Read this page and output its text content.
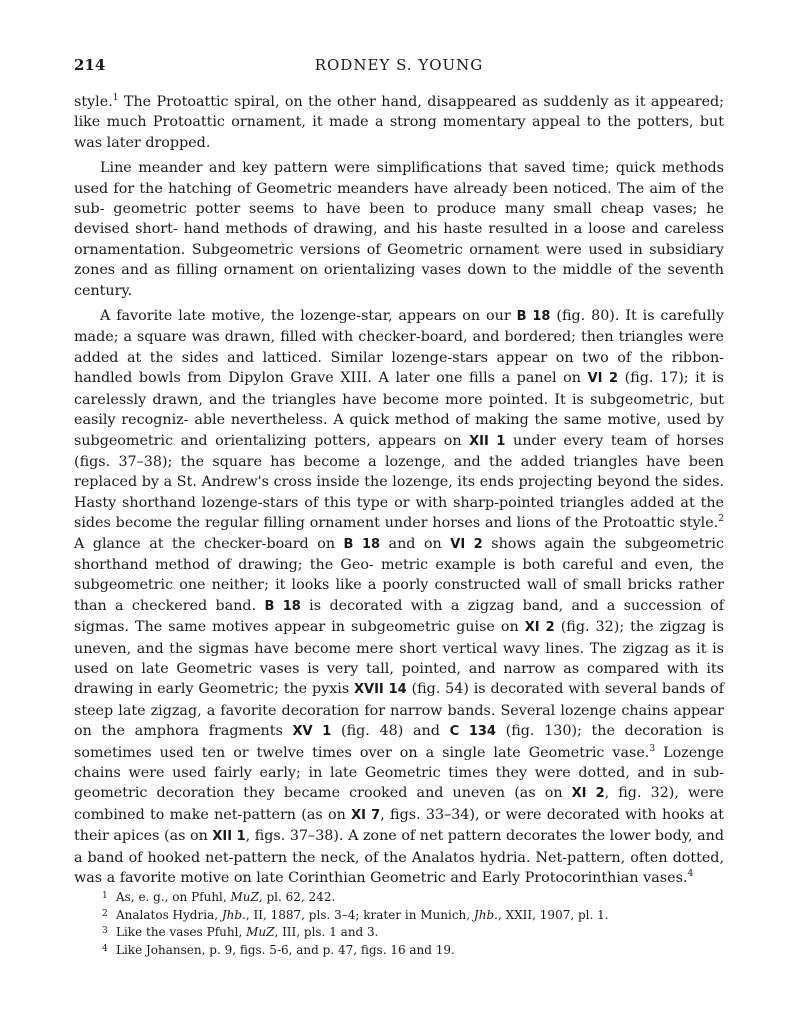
214	RODNEY S. YOUNG

style.$^1$ The Protoattic spiral, on the other hand, disappeared as suddenly as it appeared; like much Protoattic ornament, it made a strong momentary appeal to the potters, but was later dropped.

Line meander and key pattern were simplifications that saved time; quick methods used for the hatching of Geometric meanders have already been noticed. The aim of the sub- geometric potter seems to have been to produce many small cheap vases; he devised short- hand methods of drawing, and his haste resulted in a loose and careless ornamentation. Subgeometric versions of Geometric ornament were used in subsidiary zones and as filling ornament on orientalizing vases down to the middle of the seventh century.

A favorite late motive, the lozenge-star, appears on our B 18 (fig. 80). It is carefully made; a square was drawn, filled with checker-board, and bordered; then triangles were added at the sides and latticed. Similar lozenge-stars appear on two of the ribbon-handled bowls from Dipylon Grave XIII. A later one fills a panel on VI 2 (fig. 17); it is carelessly drawn, and the triangles have become more pointed. It is subgeometric, but easily recogniz- able nevertheless. A quick method of making the same motive, used by subgeometric and orientalizing potters, appears on XII 1 under every team of horses (figs. 37–38); the square has become a lozenge, and the added triangles have been replaced by a St. Andrew's cross inside the lozenge, its ends projecting beyond the sides. Hasty shorthand lozenge-stars of this type or with sharp-pointed triangles added at the sides become the regular filling ornament under horses and lions of the Protoattic style.$^2$ A glance at the checker-board on B 18 and on VI 2 shows again the subgeometric shorthand method of drawing; the Geo- metric example is both careful and even, the subgeometric one neither; it looks like a poorly constructed wall of small bricks rather than a checkered band. B 18 is decorated with a zigzag band, and a succession of sigmas. The same motives appear in subgeometric guise on XI 2 (fig. 32); the zigzag is uneven, and the sigmas have become mere short vertical wavy lines. The zigzag as it is used on late Geometric vases is very tall, pointed, and narrow as compared with its drawing in early Geometric; the pyxis XVII 14 (fig. 54) is decorated with several bands of steep late zigzag, a favorite decoration for narrow bands. Several lozenge chains appear on the amphora fragments XV 1 (fig. 48) and C 134 (fig. 130); the decoration is sometimes used ten or twelve times over on a single late Geometric vase.$^3$ Lozenge chains were used fairly early; in late Geometric times they were dotted, and in sub- geometric decoration they became crooked and uneven (as on XI 2, fig. 32), were combined to make net-pattern (as on XI 7, figs. 33–34), or were decorated with hooks at their apices (as on XII 1, figs. 37–38). A zone of net pattern decorates the lower body, and a band of hooked net-pattern the neck, of the Analatos hydria. Net-pattern, often dotted, was a favorite motive on late Corinthian Geometric and Early Protocorinthian vases.$^4$

1 As, e. g., on Pfuhl, MuZ, pl. 62, 242.
2 Analatos Hydria, Jhb., II, 1887, pls. 3–4; krater in Munich, Jhb., XXII, 1907, pl. 1.
3 Like the vases Pfuhl, MuZ, III, pls. 1 and 3.
4 Like Johansen, p. 9, figs. 5-6, and p. 47, figs. 16 and 19.
